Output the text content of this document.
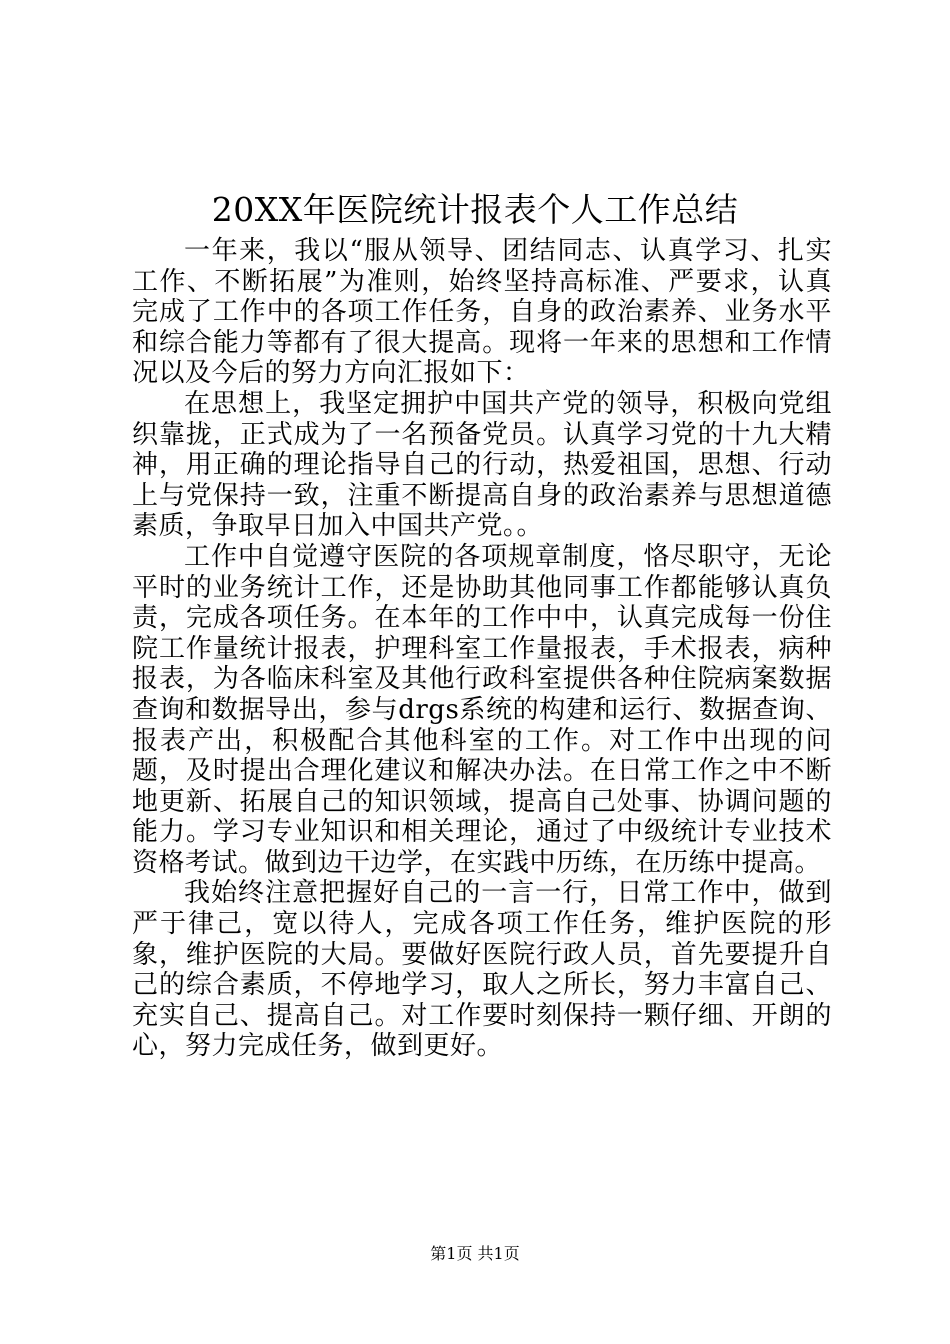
20XX年医院统计报表个人工作总结

一年来，我以“服从领导、团结同志、认真学习、扎实工作、不断拓展”为准则，始终坚持高标准、严要求，认真完成了工作中的各项工作任务，自身的政治素养、业务水平和综合能力等都有了很大提高。现将一年来的思想和工作情况以及今后的努力方向汇报如下：

在思想上，我坚定拥护中国共产党的领导，积极向党组织靠拢，正式成为了一名预备党员。认真学习党的十九大精神，用正确的理论指导自己的行动，热爱祖国，思想、行动上与党保持一致，注重不断提高自身的政治素养与思想道德素质，争取早日加入中国共产党。。

工作中自觉遵守医院的各项规章制度，恪尽职守，无论平时的业务统计工作，还是协助其他同事工作都能够认真负责，完成各项任务。在本年的工作中中，认真完成每一份住院工作量统计报表，护理科室工作量报表，手术报表，病种报表，为各临床科室及其他行政科室提供各种住院病案数据查询和数据导出，参与drgs系统的构建和运行、数据查询、报表产出，积极配合其他科室的工作。对工作中出现的问题，及时提出合理化建议和解决办法。在日常工作之中不断地更新、拓展自己的知识领域，提高自己处事、协调问题的能力。学习专业知识和相关理论，通过了中级统计专业技术资格考试。做到边干边学，在实践中历练，在历练中提高。

我始终注意把握好自己的一言一行，日常工作中，做到严于律己，宽以待人，完成各项工作任务，维护医院的形象，维护医院的大局。要做好医院行政人员，首先要提升自己的综合素质，不停地学习，取人之所长，努力丰富自己、充实自己、提高自己。对工作要时刻保持一颗仔细、开朗的心，努力完成任务，做到更好。

第1页 共1页
